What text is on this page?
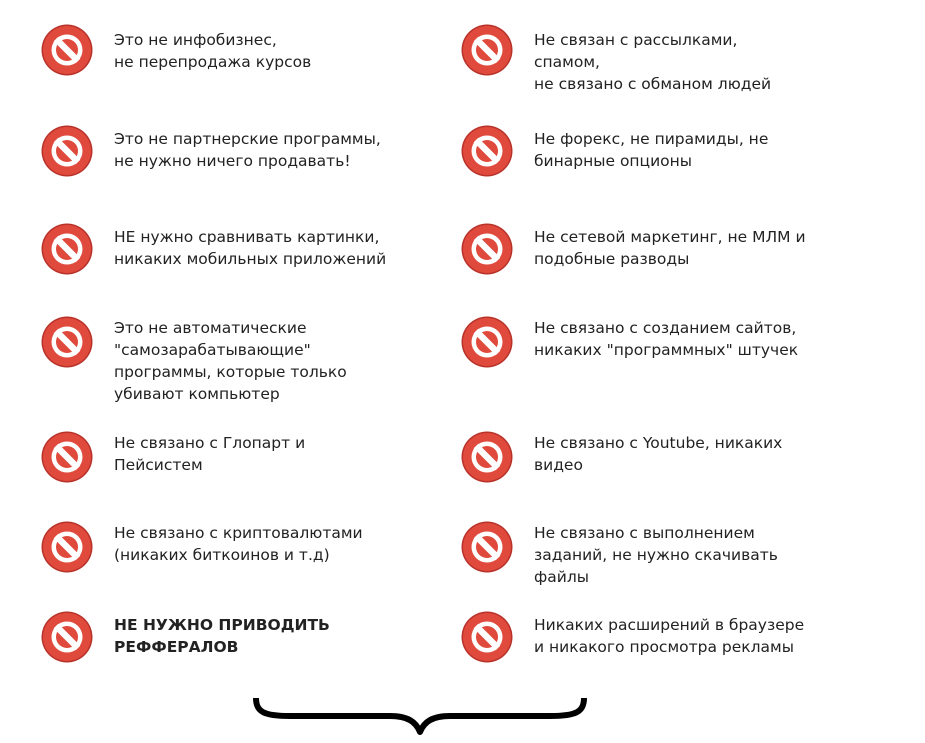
Это не инфобизнес,
не перепродажа курсов
Это не партнерские программы,
не нужно ничего продавать!
НЕ нужно сравнивать картинки,
никаких мобильных приложений
Это не автоматические
"самозарабатывающие"
программы, которые только
убивают компьютер
Не связано с Глопарт и
Пейсистем
Не связано с криптовалютами
(никаких биткоинов и т.д)
НЕ НУЖНО ПРИВОДИТЬ
РЕФФЕРАЛОВ
Не связан с рассылками,
спамом,
не связано с обманом людей
Не форекс, не пирамиды, не
бинарные опционы
Не сетевой маркетинг, не МЛМ и
подобные разводы
Не связано с созданием сайтов,
никаких "программных" штучек
Не связано с Youtube, никаких
видео
Не связано с выполнением
заданий, не нужно скачивать
файлы
Никаких расширений в браузере
и никакого просмотра рекламы
